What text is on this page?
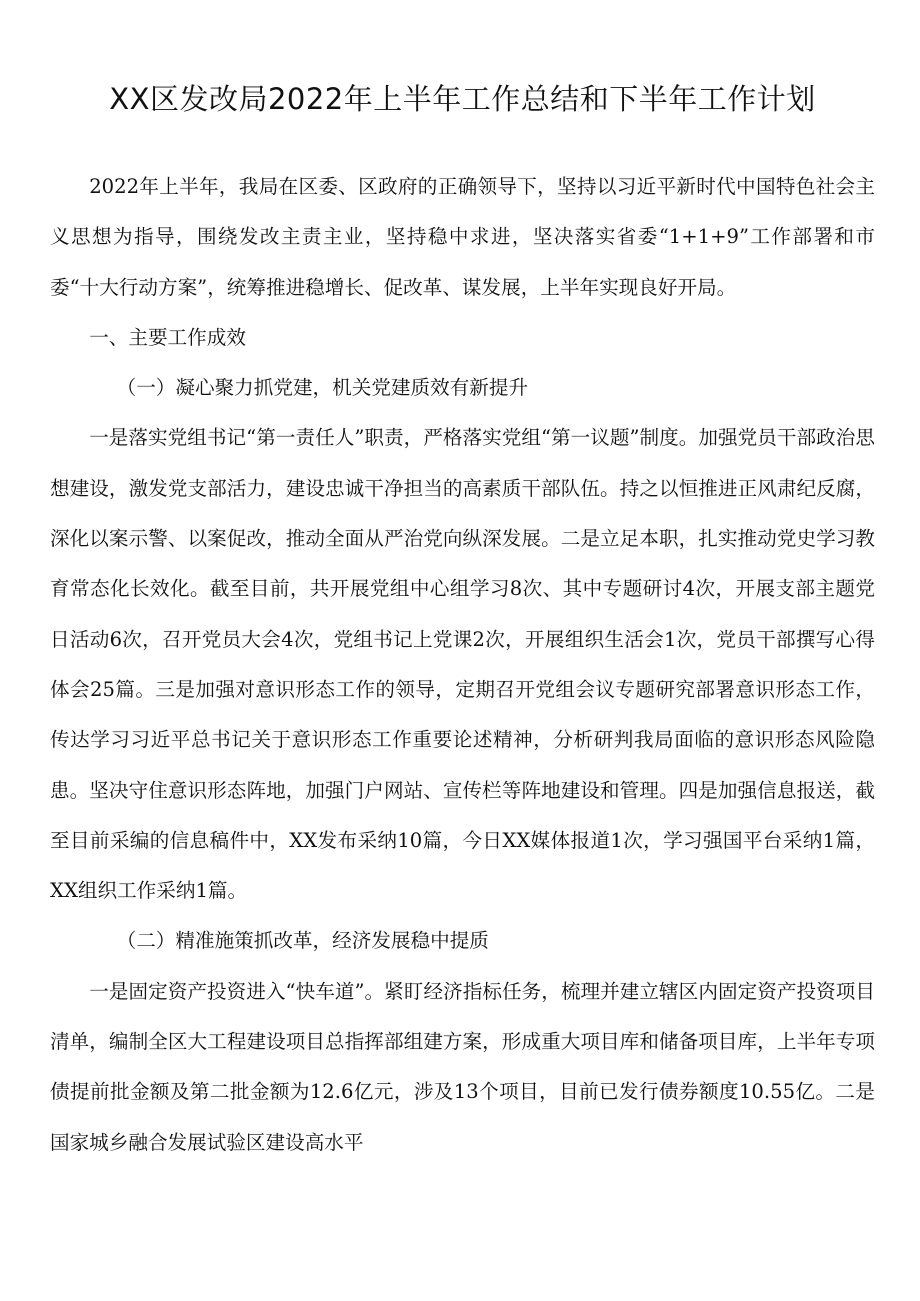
XX区发改局2022年上半年工作总结和下半年工作计划

2022年上半年，我局在区委、区政府的正确领导下，坚持以习近平新时代中国特色社会主义思想为指导，围绕发改主责主业，坚持稳中求进，坚决落实省委“1+1+9”工作部署和市委“十大行动方案”，统筹推进稳增长、促改革、谋发展，上半年实现良好开局。

一、主要工作成效

（一）凝心聚力抓党建，机关党建质效有新提升

一是落实党组书记“第一责任人”职责，严格落实党组“第一议题”制度。加强党员干部政治思想建设，激发党支部活力，建设忠诚干净担当的高素质干部队伍。持之以恒推进正风肃纪反腐，深化以案示警、以案促改，推动全面从严治党向纵深发展。二是立足本职，扎实推动党史学习教育常态化长效化。截至目前，共开展党组中心组学习8次、其中专题研讨4次，开展支部主题党日活动6次，召开党员大会4次，党组书记上党课2次，开展组织生活会1次，党员干部撰写心得体会25篇。三是加强对意识形态工作的领导，定期召开党组会议专题研究部署意识形态工作，传达学习习近平总书记关于意识形态工作重要论述精神，分析研判我局面临的意识形态风险隐患。坚决守住意识形态阵地，加强门户网站、宣传栏等阵地建设和管理。四是加强信息报送，截至目前采编的信息稿件中，XX发布采纳10篇，今日XX媒体报道1次，学习强国平台采纳1篇，XX组织工作采纳1篇。

（二）精准施策抓改革，经济发展稳中提质

一是固定资产投资进入“快车道”。紧盯经济指标任务，梳理并建立辖区内固定资产投资项目清单，编制全区大工程建设项目总指挥部组建方案，形成重大项目库和储备项目库，上半年专项债提前批金额及第二批金额为12.6亿元，涉及13个项目，目前已发行债券额度10.55亿。二是国家城乡融合发展试验区建设高水平
